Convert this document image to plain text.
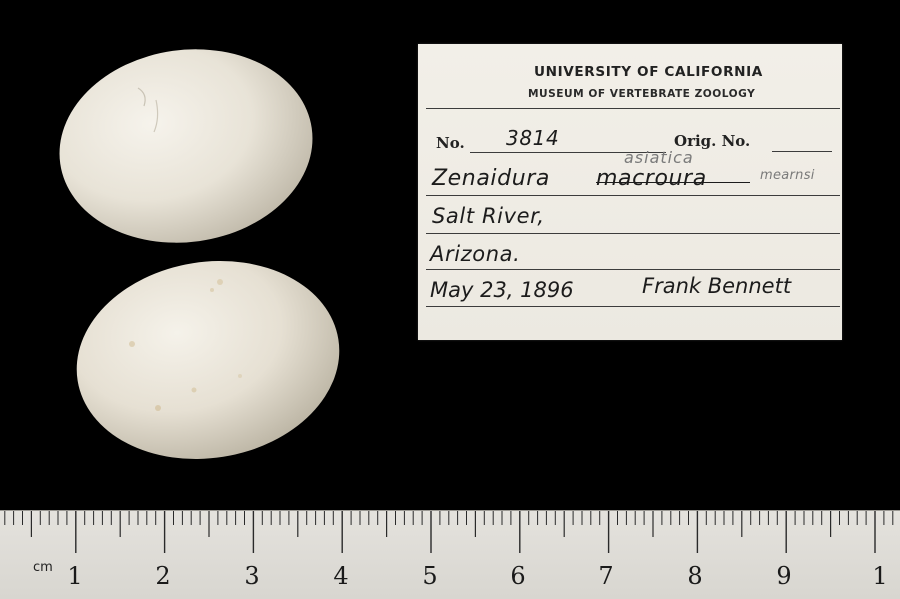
UNIVERSITY OF CALIFORNIA
MUSEUM OF VERTEBRATE ZOOLOGY
No. 3814	Orig. No.
asiatica
Zenaidura macroura	mearnsi
Salt River,
Arizona.
May 23, 1896	Frank Bennett
cm 1	2	3	4	5	6	7	8	9	1
